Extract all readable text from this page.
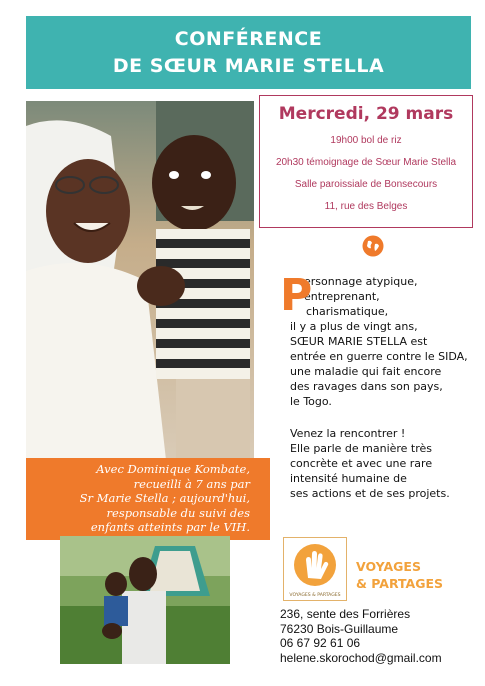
CONFÉRENCE
DE SŒUR MARIE STELLA
Avec Dominique Kombate,
recueilli à 7 ans par
Sr Marie Stella ; aujourd'hui,
responsable du suivi des
enfants atteints par le VIH.
Mercredi, 29 mars
19h00 bol de riz
20h30 témoignage de Sœur Marie Stella
Salle paroissiale de Bonsecours
11, rue des Belges
P
ersonnage atypique,
entreprenant,
charismatique,
il y a plus de vingt ans,
SŒUR MARIE STELLA est
entrée en guerre contre le SIDA,
une maladie qui fait encore
des ravages dans son pays,
le Togo.
Venez la rencontrer !
Elle parle de manière très
concrète et avec une rare
intensité humaine de
ses actions et de ses projets.
VOYAGES & PARTAGES
VOYAGES
& PARTAGES
236, sente des Forrières
76230 Bois-Guillaume
06 67 92 61 06
helene.skorochod@gmail.com
